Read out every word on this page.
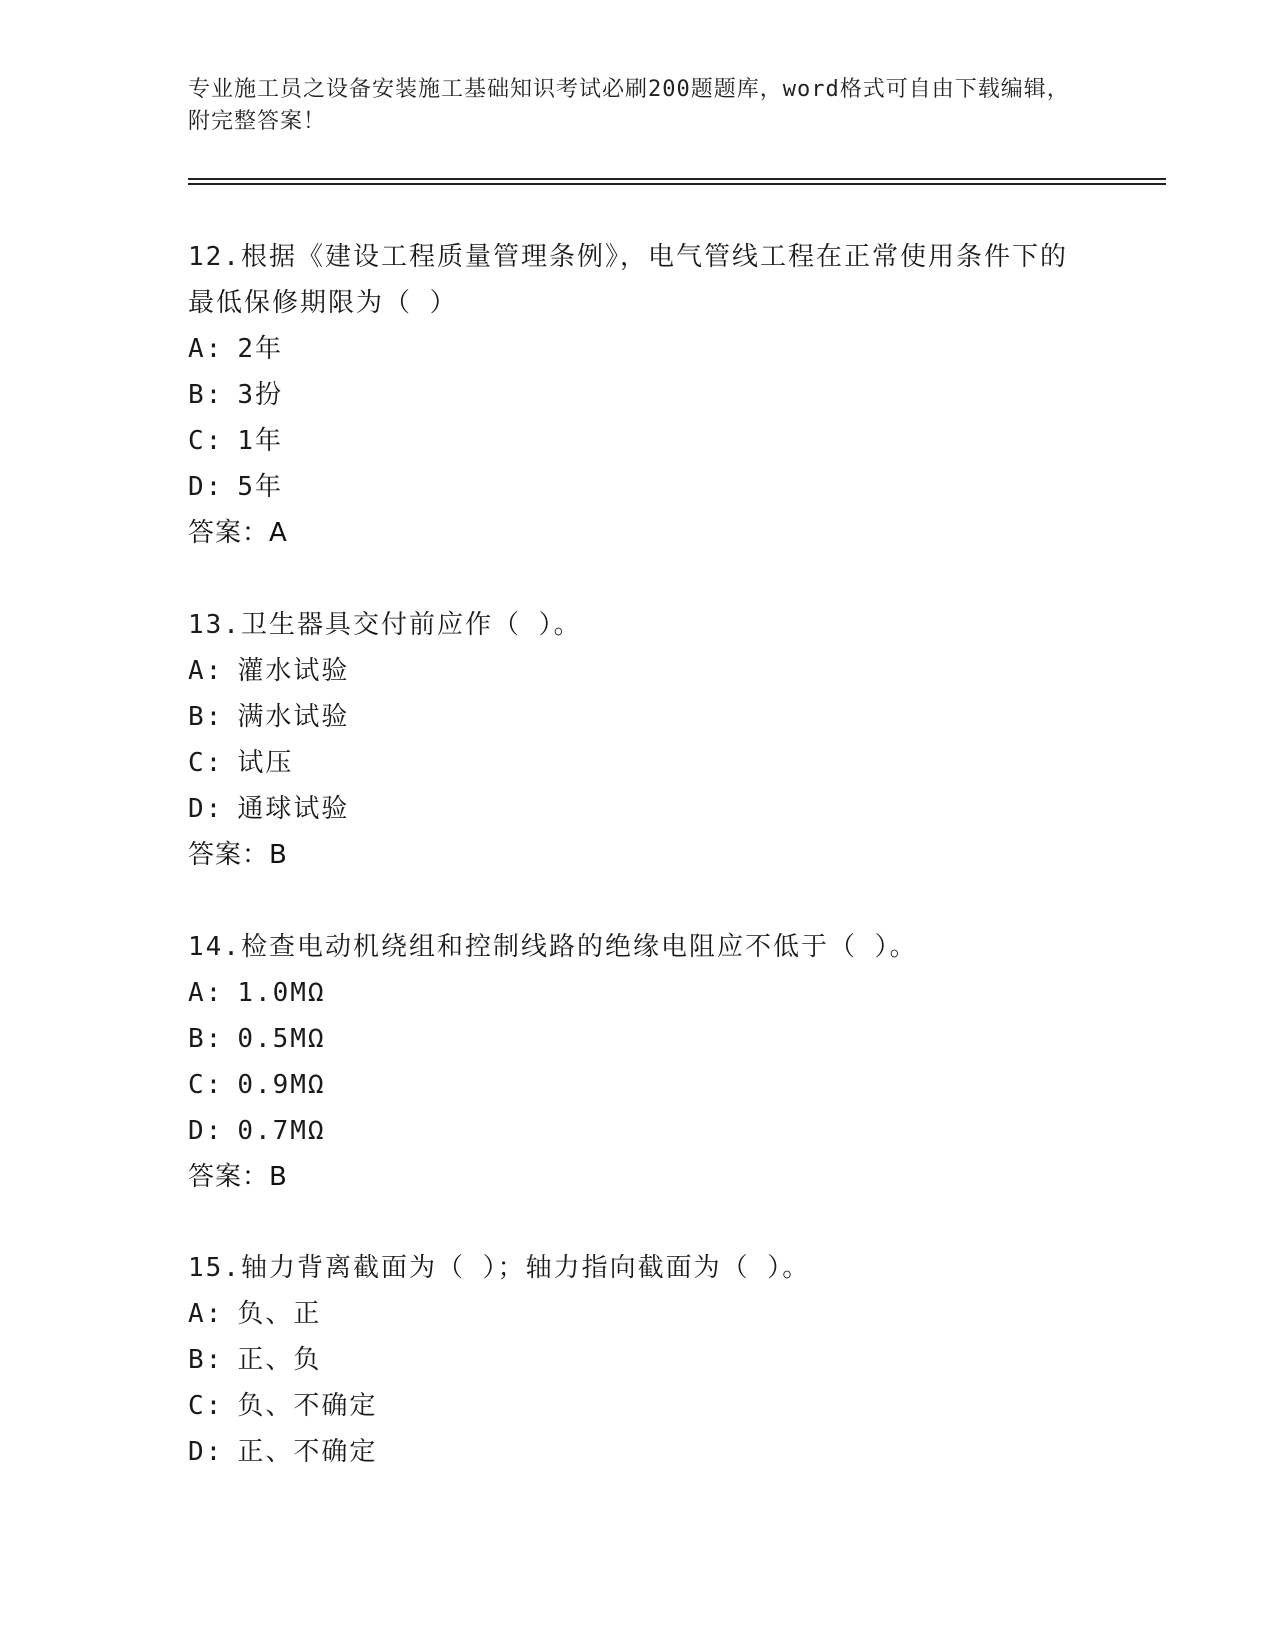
专业施工员之设备安装施工基础知识考试必刷200题题库，word格式可自由下载编辑，附完整答案！

12.根据《建设工程质量管理条例》，电气管线工程在正常使用条件下的最低保修期限为（ ）

A: 2年
B: 3扮
C: 1年
D: 5年
答案：A

13.卫生器具交付前应作（ ）。

A: 灌水试验
B: 满水试验
C: 试压
D: 通球试验
答案：B

14.检查电动机绕组和控制线路的绝缘电阻应不低于（ ）。

A: 1.0MΩ
B: 0.5MΩ
C: 0.9MΩ
D: 0.7MΩ
答案：B

15.轴力背离截面为（ ）；轴力指向截面为（ ）。

A: 负、正
B: 正、负
C: 负、不确定
D: 正、不确定
